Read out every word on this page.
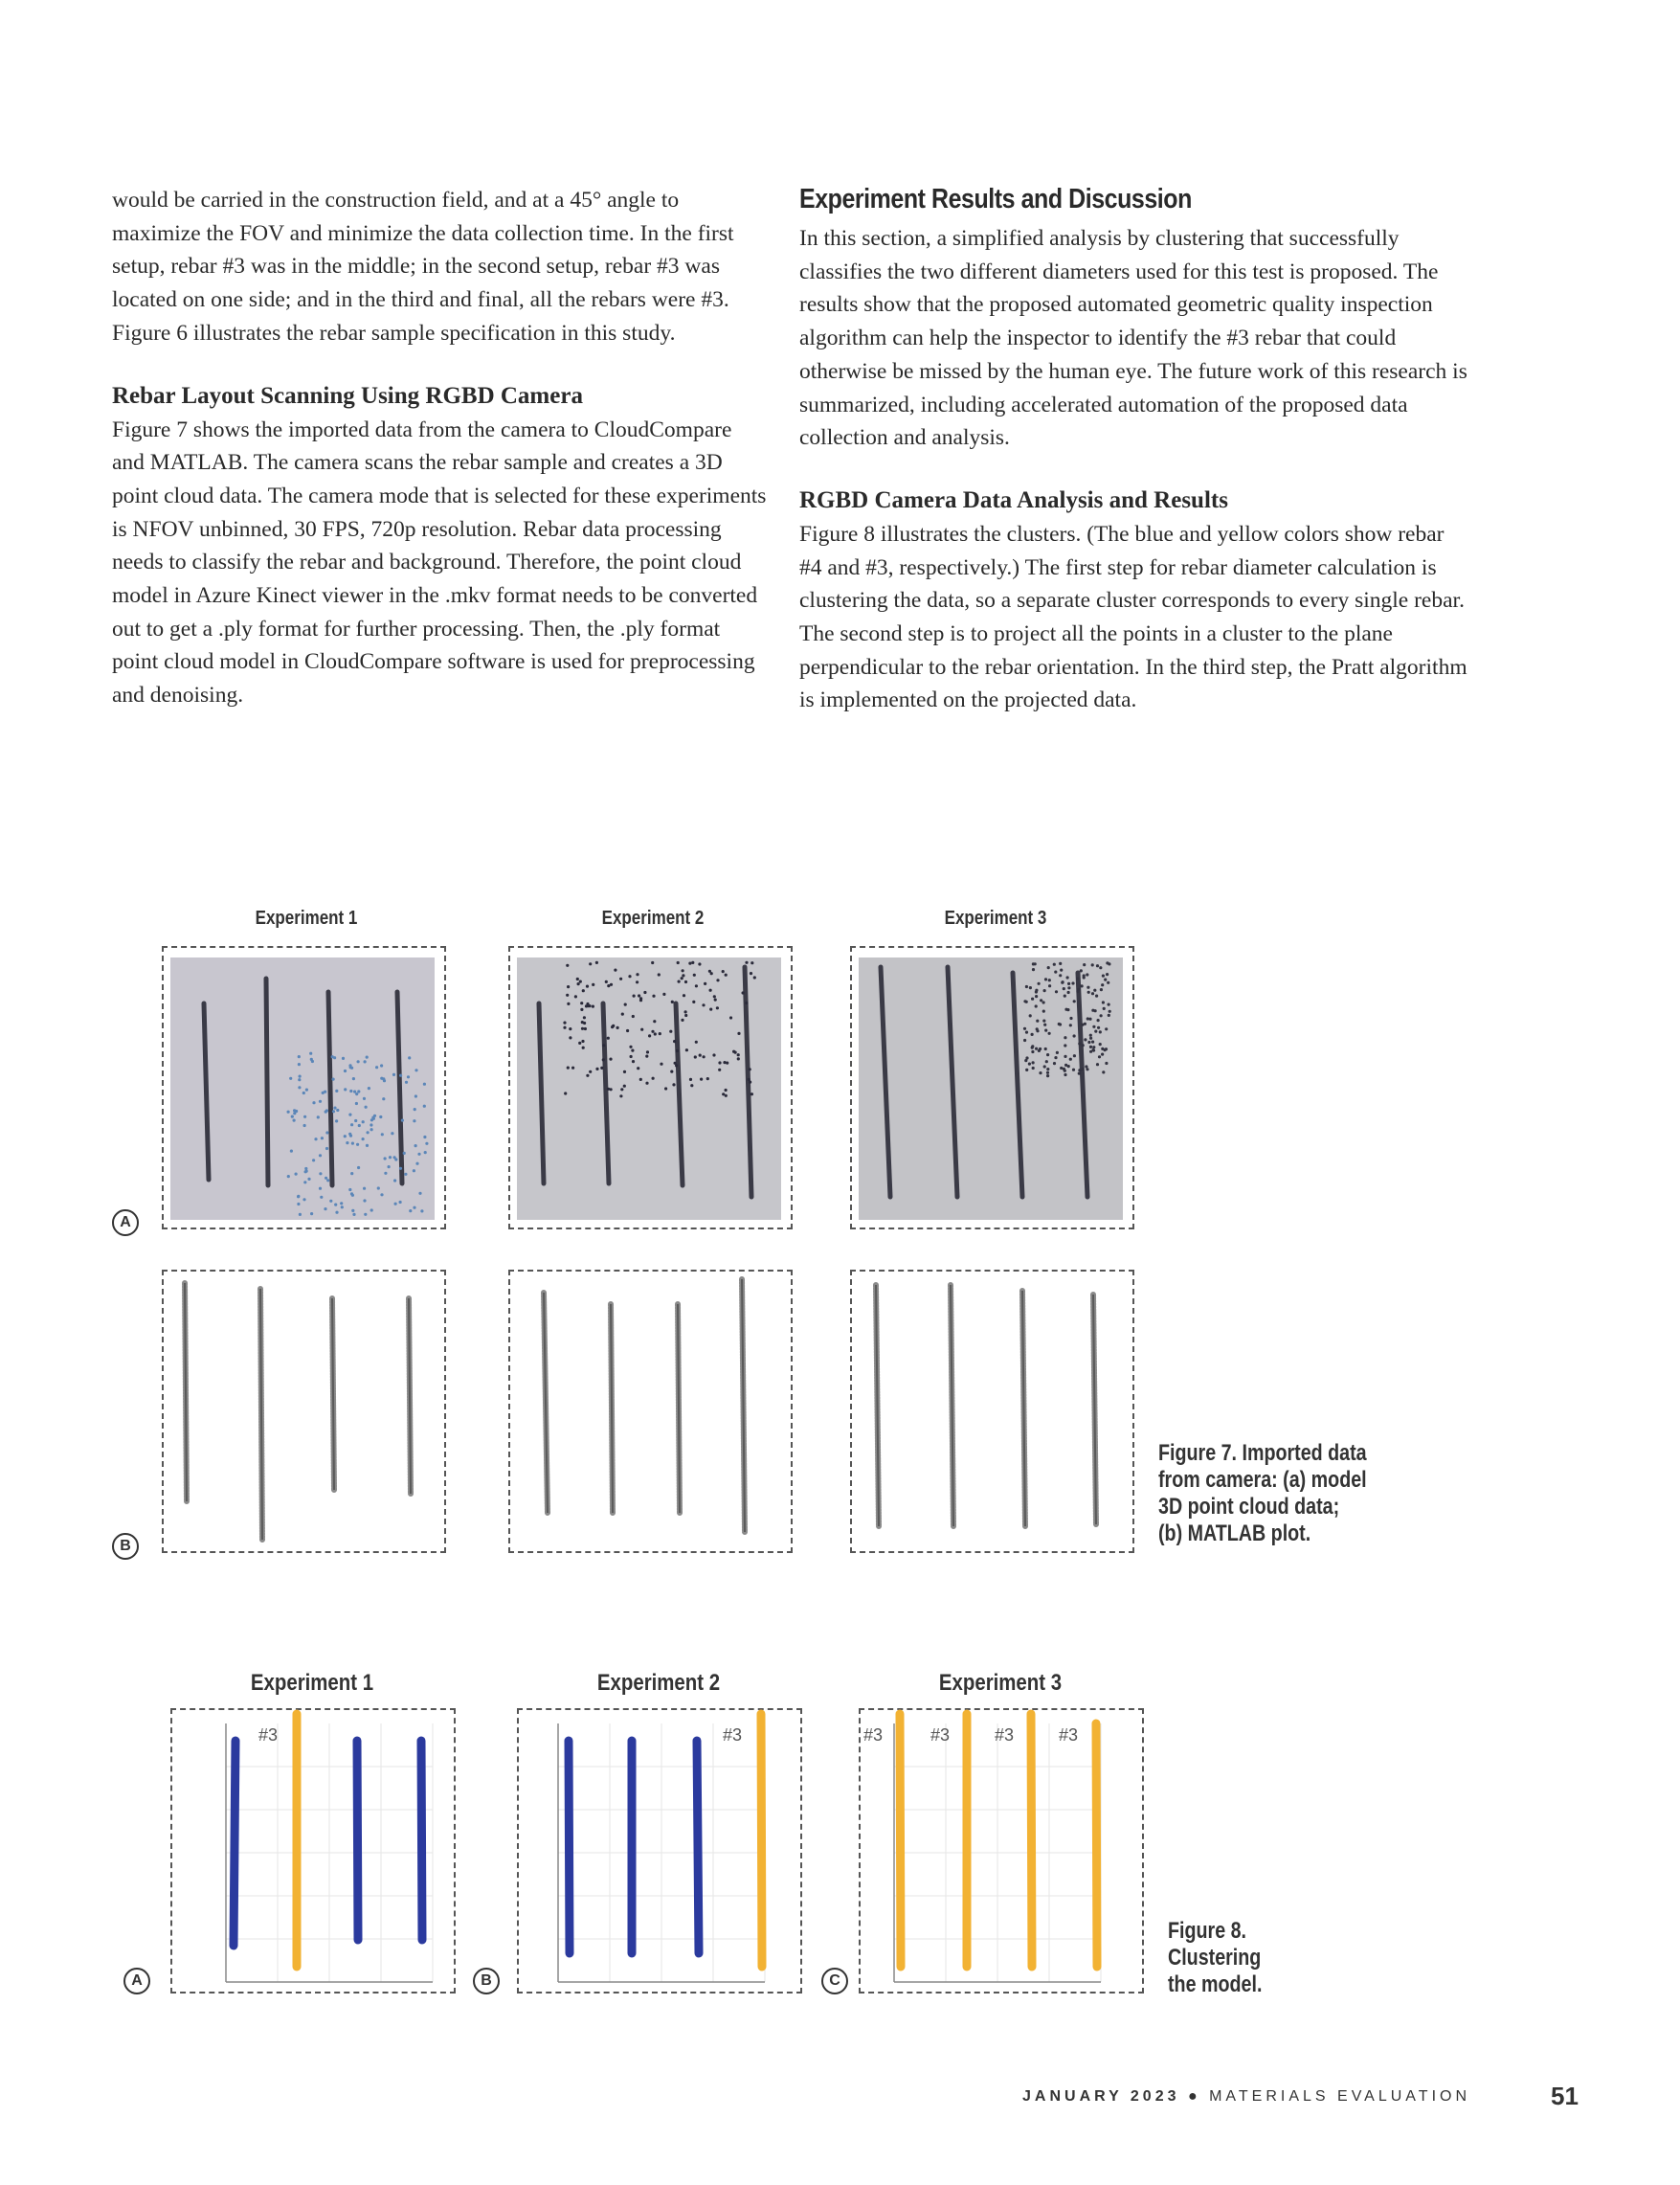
would be carried in the construction field, and at a 45° angle to maximize the FOV and minimize the data collection time. In the first setup, rebar #3 was in the middle; in the second setup, rebar #3 was located on one side; and in the third and final, all the rebars were #3. Figure 6 illustrates the rebar sample specification in this study.

Rebar Layout Scanning Using RGBD Camera

Figure 7 shows the imported data from the camera to CloudCompare and MATLAB. The camera scans the rebar sample and creates a 3D point cloud data. The camera mode that is selected for these experiments is NFOV unbinned, 30 FPS, 720p resolution. Rebar data processing needs to classify the rebar and background. Therefore, the point cloud model in Azure Kinect viewer in the .mkv format needs to be converted out to get a .ply format for further processing. Then, the .ply format point cloud model in CloudCompare software is used for preprocessing and denoising.

Experiment Results and Discussion

In this section, a simplified analysis by clustering that successfully classifies the two different diameters used for this test is proposed. The results show that the proposed automated geometric quality inspection algorithm can help the inspector to identify the #3 rebar that could otherwise be missed by the human eye. The future work of this research is summarized, including accelerated automation of the proposed data collection and analysis.

RGBD Camera Data Analysis and Results

Figure 8 illustrates the clusters. (The blue and yellow colors show rebar #4 and #3, respectively.) The first step for rebar diameter calculation is clustering the data, so a separate cluster corresponds to every single rebar. The second step is to project all the points in a cluster to the plane perpendicular to the rebar orientation. In the third step, the Pratt algorithm is implemented on the projected data.

Experiment 1	Experiment 2	Experiment 3
A
B
Figure 7. Imported data
from camera: (a) model
3D point cloud data;
(b) MATLAB plot.
Experiment 1	Experiment 2	Experiment 3
A	B	C
Figure 8.
Clustering
the model.
#3	#3	#3	#3	#3	#3
JANUARY 2023 ● MATERIALS EVALUATION	51
